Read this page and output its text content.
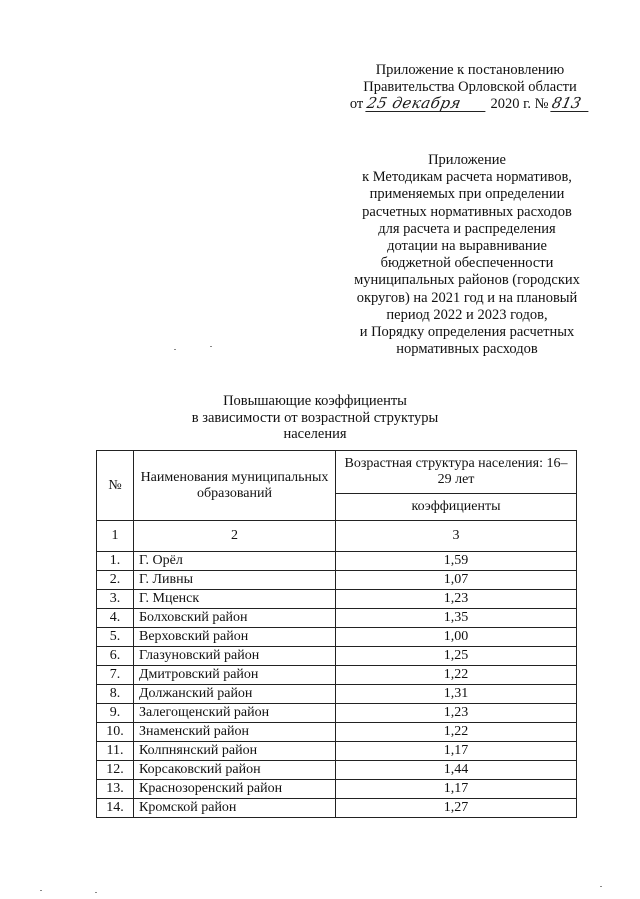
Приложение к постановлению
Правительства Орловской области
от 25 декабря 2020 г. № 813
Приложение
к Методикам расчета нормативов,
применяемых при определении
расчетных нормативных расходов
для расчета и распределения
дотации на выравнивание
бюджетной обеспеченности
муниципальных районов (городских
округов) на 2021 год и на плановый
период 2022 и 2023 годов,
и Порядку определения расчетных
нормативных расходов
Повышающие коэффициенты
в зависимости от возрастной структуры
населения
№	Наименования муниципальных образований	Возрастная структура населения: 16–29 лет
		коэффициенты
1	2	3
1.	Г. Орёл	1,59
2.	Г. Ливны	1,07
3.	Г. Мценск	1,23
4.	Болховский район	1,35
5.	Верховский район	1,00
6.	Глазуновский район	1,25
7.	Дмитровский район	1,22
8.	Должанский район	1,31
9.	Залегощенский район	1,23
10.	Знаменский район	1,22
11.	Колпнянский район	1,17
12.	Корсаковский район	1,44
13.	Краснозоренский район	1,17
14.	Кромской район	1,27
